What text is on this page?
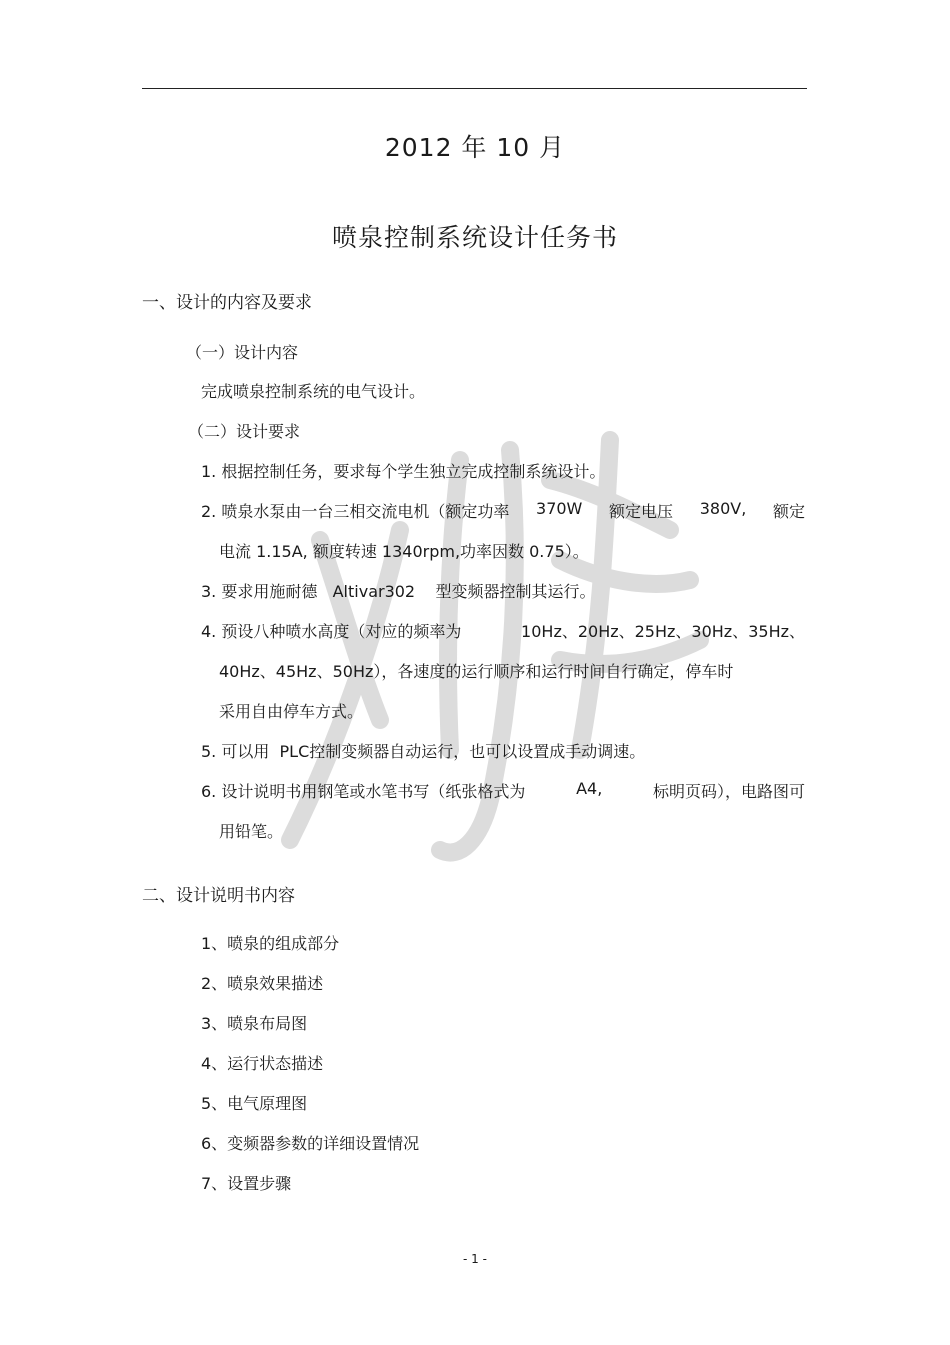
2012 年 10 月
喷泉控制系统设计任务书
一、设计的内容及要求
（一）设计内容
完成喷泉控制系统的电气设计。
（二）设计要求
1. 根据控制任务，要求每个学生独立完成控制系统设计。
2. 喷泉水泵由一台三相交流电机（额定功率 370W 额定电压 380V, 额定
电流 1.15A, 额度转速 1340rpm,功率因数 0.75）。
3. 要求用施耐德   Altivar302    型变频器控制其运行。
4. 预设八种喷水高度（对应的频率为	10Hz、20Hz、25Hz、30Hz、35Hz、
40Hz、45Hz、50Hz），各速度的运行顺序和运行时间自行确定，停车时
采用自由停车方式。
5. 可以用  PLC控制变频器自动运行，也可以设置成手动调速。
6. 设计说明书用钢笔或水笔书写（纸张格式为	A4,	标明页码），电路图可
用铅笔。
二、设计说明书内容
1、喷泉的组成部分
2、喷泉效果描述
3、喷泉布局图
4、运行状态描述
5、电气原理图
6、变频器参数的详细设置情况
7、设置步骤
- 1 -
